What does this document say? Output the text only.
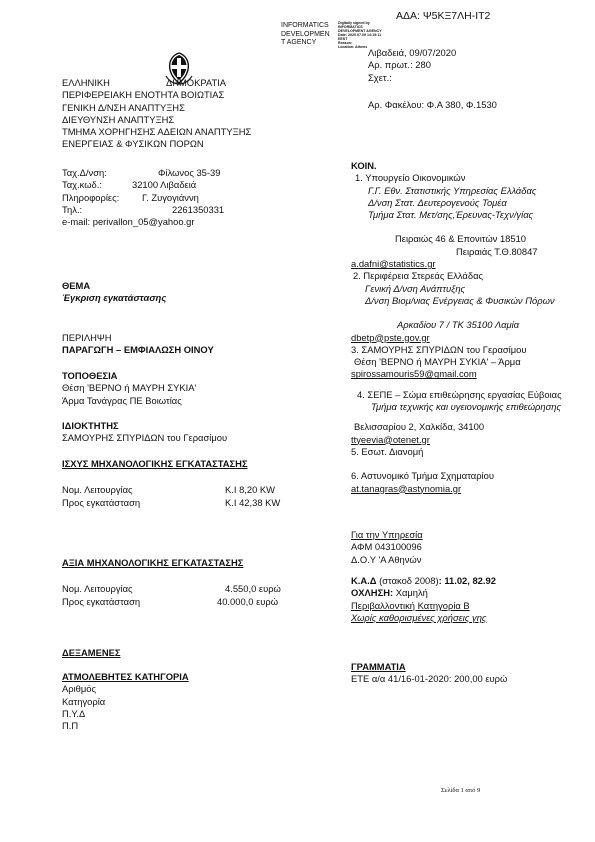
ΑΔΑ: Ψ5ΚΞ7ΛΗ-ΙΤ2
INFORMATICS
DEVELOPMEN
T AGENCY
Digitally signed by
INFORMATICS
DEVELOPMENT AGENCY
Date: 2020.07.09 14:19:11
EEST
Reason:
Location: Athens Λιβαδειά, 09/07/2020
Αρ. πρωτ.: 280
Σχετ.:
Αρ. Φακέλου: Φ.Α 380, Φ.1530
ΕΛΛΗΝΙΚΗ	ΔΗΜΟΚΡΑΤΙΑ
ΠΕΡΙΦΕΡΕΙΑΚΗ ΕΝΟΤΗΤΑ ΒΟΙΩΤΙΑΣ
ΓΕΝΙΚΗ Δ/ΝΣΗ ΑΝΑΠΤΥΞΗΣ
ΔΙΕΥΘΥΝΣΗ ΑΝΑΠΤΥΞΗΣ
ΤΜΗΜΑ ΧΟΡΗΓΗΣΗΣ ΑΔΕΙΩΝ ΑΝΑΠΤΥΞΗΣ
ΕΝΕΡΓΕΙΑΣ & ΦΥΣΙΚΩΝ ΠΟΡΩΝ
Ταχ.Δ/νση:	Φίλωνος 35-39
Ταχ.κωδ.:	32100 Λιβαδειά
Πληροφορίες: Γ. Ζυγογιάννη
Τηλ.:	2261350331
e-mail: perivallon_05@yahoo.gr
ΘΕΜΑ
Έγκριση εγκατάστασης
ΠΕΡΙΛΗΨΗ
ΠΑΡΑΓΩΓΗ – ΕΜΦΙΑΛΩΣΗ ΟΙΝΟΥ
ΤΟΠΟΘΕΣΙΑ
Θέση 'ΒΕΡΝΟ ή ΜΑΥΡΗ ΣΥΚΙΑ'
Άρμα Τανάγρας ΠΕ Βοιωτίας
ΙΔΙΟΚΤΗΤΗΣ
ΣΑΜΟΥΡΗΣ ΣΠΥΡΙΔΩΝ του Γερασίμου
ΙΣΧΥΣ ΜΗΧΑΝΟΛΟΓΙΚΗΣ ΕΓΚΑΤΑΣΤΑΣΗΣ
Νομ. Λειτουργίας	Κ.Ι 8,20 KW
Προς εγκατάσταση	Κ.Ι 42,38 KW
ΑΞΙΑ ΜΗΧΑΝΟΛΟΓΙΚΗΣ ΕΓΚΑΤΑΣΤΑΣΗΣ
Νομ. Λειτουργίας	4.550,0 ευρώ
Προς εγκατάσταση	40.000,0 ευρώ
ΔΕΞΑΜΕΝΕΣ
ΑΤΜΟΛΕΒΗΤΕΣ ΚΑΤΗΓΟΡΙΑ
Αριθμός
Κατηγορία
Π.Υ.Δ
Π.Π
ΚΟΙΝ.
1. Υπουργείο Οικονομικών
Γ.Γ. Εθν. Στατιστικής Υπηρεσίας Ελλάδας
Δ/νση Στατ. Δευτερογενούς Τομέα
Τμήμα Στατ. Μετ/σης,Έρευνας-Τεχν/γίας
Πειραιώς 46 & Επονιτών 18510
Πειραιάς Τ.Θ.80847
a.dafni@statistics.gr
2. Περιφέρεια Στερεάς Ελλάδας
Γενική Δ/νση Ανάπτυξης
Δ/νση Βιομ/νιας Ενέργειας & Φυσικών Πόρων
Αρκαδίου 7 / ΤΚ 35100 Λαμία
dbetp@pste.gov.gr
3. ΣΑΜΟΥΡΗΣ ΣΠΥΡΙΔΩΝ του Γερασίμου
Θέση 'ΒΕΡΝΟ ή ΜΑΥΡΗ ΣΥΚΙΑ' – Άρμα
spirossamouris59@gmail.com
4. ΣΕΠΕ – Σώμα επιθεώρησης εργασίας Εύβοιας
Τμήμα τεχνικής και υγειονομικής επιθεώρησης
Βελισσαρίου 2, Χαλκίδα, 34100
ttyeevia@otenet.gr
5. Εσωτ. Διανομή
6. Αστυνομικό Τμήμα Σχηματαρίου
at.tanagras@astynomia.gr
Για την Υπηρεσία
ΑΦΜ 043100096
Δ.Ο.Υ 'Α Αθηνών
Κ.Α.Δ (στακοδ 2008): 11.02, 82.92
ΟΧΛΗΣΗ: Χαμηλή
Περιβαλλοντική Κατηγορία Β
Χωρίς καθορισμένες χρήσεις γης
ΓΡΑΜΜΑΤΙΑ
ΕΤΕ α/α 41/16-01-2020: 200,00 ευρώ
Σελίδα 1 από 9
